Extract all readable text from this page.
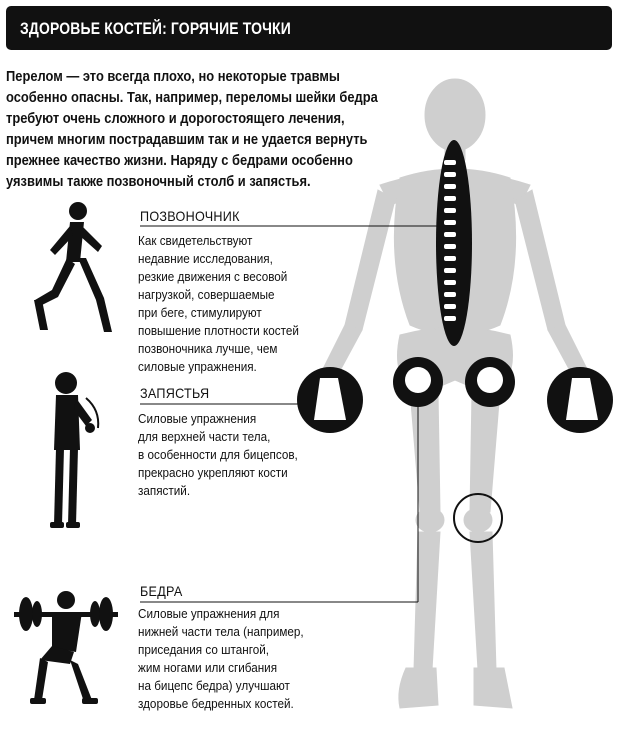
ЗДОРОВЬЕ КОСТЕЙ: ГОРЯЧИЕ ТОЧКИ
Перелом — это всегда плохо, но некоторые травмы
особенно опасны. Так, например, переломы шейки бедра
требуют очень сложного и дорогостоящего лечения,
причем многим пострадавшим так и не удается вернуть
прежнее качество жизни. Наряду с бедрами особенно
уязвимы также позвоночный столб и запястья.
ПОЗВОНОЧНИК
Как свидетельствуют
недавние исследования,
резкие движения с весовой
нагрузкой, совершаемые
при беге, стимулируют
повышение плотности костей
позвоночника лучше, чем
силовые упражнения.
ЗАПЯСТЬЯ
Силовые упражнения
для верхней части тела,
в особенности для бицепсов,
прекрасно укрепляют кости
запястий.
БЕДРА
Силовые упражнения для
нижней части тела (например,
приседания со штангой,
жим ногами или сгибания
на бицепс бедра) улучшают
здоровье бедренных костей.
